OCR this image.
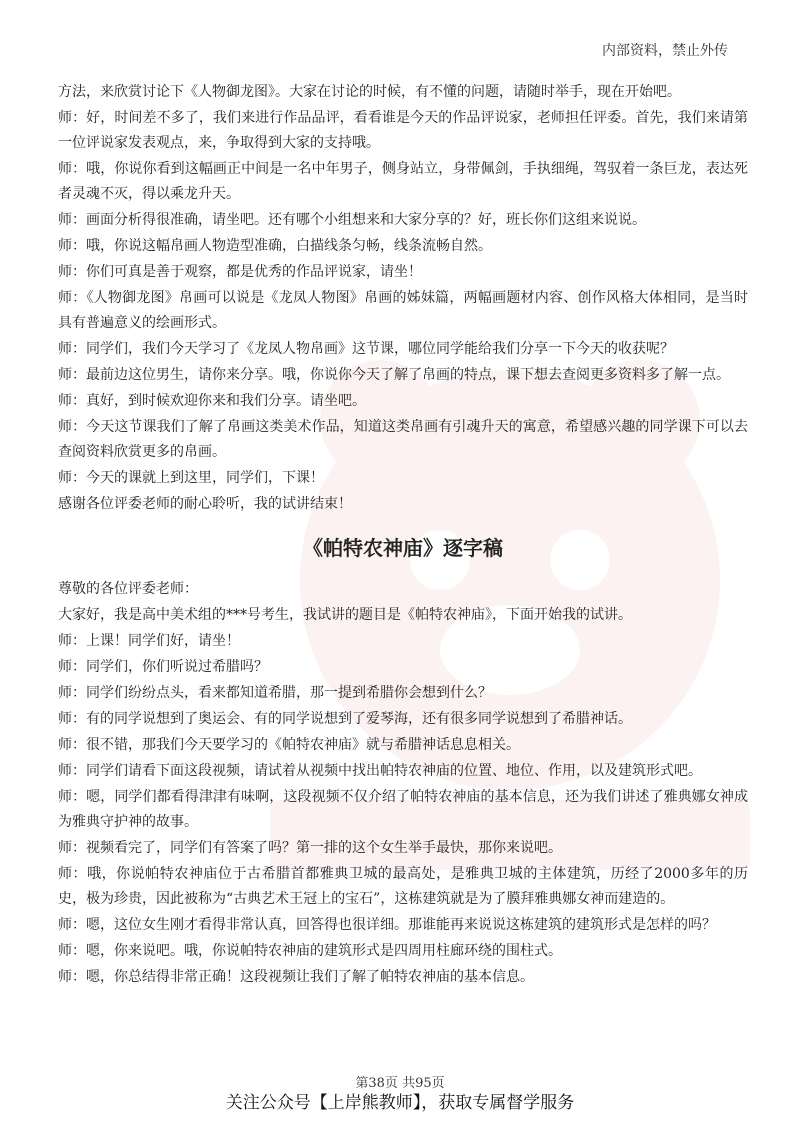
内部资料，禁止外传

方法，来欣赏讨论下《人物御龙图》。大家在讨论的时候，有不懂的问题，请随时举手，现在开始吧。

师：好，时间差不多了，我们来进行作品品评，看看谁是今天的作品评说家，老师担任评委。首先，我们来请第一位评说家发表观点，来，争取得到大家的支持哦。

师：哦，你说你看到这幅画正中间是一名中年男子，侧身站立，身带佩剑，手执细绳，驾驭着一条巨龙，表达死者灵魂不灭，得以乘龙升天。

师：画面分析得很准确，请坐吧。还有哪个小组想来和大家分享的？好，班长你们这组来说说。

师：哦，你说这幅帛画人物造型准确，白描线条匀畅，线条流畅自然。

师：你们可真是善于观察，都是优秀的作品评说家，请坐！

师：《人物御龙图》帛画可以说是《龙凤人物图》帛画的姊妹篇，两幅画题材内容、创作风格大体相同，是当时具有普遍意义的绘画形式。

师：同学们，我们今天学习了《龙凤人物帛画》这节课，哪位同学能给我们分享一下今天的收获呢？

师：最前边这位男生，请你来分享。哦，你说你今天了解了帛画的特点，课下想去查阅更多资料多了解一点。

师：真好，到时候欢迎你来和我们分享。请坐吧。

师：今天这节课我们了解了帛画这类美术作品，知道这类帛画有引魂升天的寓意，希望感兴趣的同学课下可以去查阅资料欣赏更多的帛画。

师：今天的课就上到这里，同学们，下课！

感谢各位评委老师的耐心聆听，我的试讲结束！

《帕特农神庙》逐字稿

尊敬的各位评委老师：

大家好，我是高中美术组的***号考生，我试讲的题目是《帕特农神庙》，下面开始我的试讲。

师：上课！同学们好，请坐！

师：同学们，你们听说过希腊吗？

师：同学们纷纷点头，看来都知道希腊，那一提到希腊你会想到什么？

师：有的同学说想到了奥运会、有的同学说想到了爱琴海，还有很多同学说想到了希腊神话。

师：很不错，那我们今天要学习的《帕特农神庙》就与希腊神话息息相关。

师：同学们请看下面这段视频，请试着从视频中找出帕特农神庙的位置、地位、作用，以及建筑形式吧。

师：嗯，同学们都看得津津有味啊，这段视频不仅介绍了帕特农神庙的基本信息，还为我们讲述了雅典娜女神成为雅典守护神的故事。

师：视频看完了，同学们有答案了吗？第一排的这个女生举手最快，那你来说吧。

师：哦，你说帕特农神庙位于古希腊首都雅典卫城的最高处，是雅典卫城的主体建筑，历经了2000多年的历史，极为珍贵，因此被称为“古典艺术王冠上的宝石”，这栋建筑就是为了膜拜雅典娜女神而建造的。

师：嗯，这位女生刚才看得非常认真，回答得也很详细。那谁能再来说说这栋建筑的建筑形式是怎样的吗？

师：嗯，你来说吧。哦，你说帕特农神庙的建筑形式是四周用柱廊环绕的围柱式。

师：嗯，你总结得非常正确！这段视频让我们了解了帕特农神庙的基本信息。

第38页 共95页
关注公众号【上岸熊教师】，获取专属督学服务
